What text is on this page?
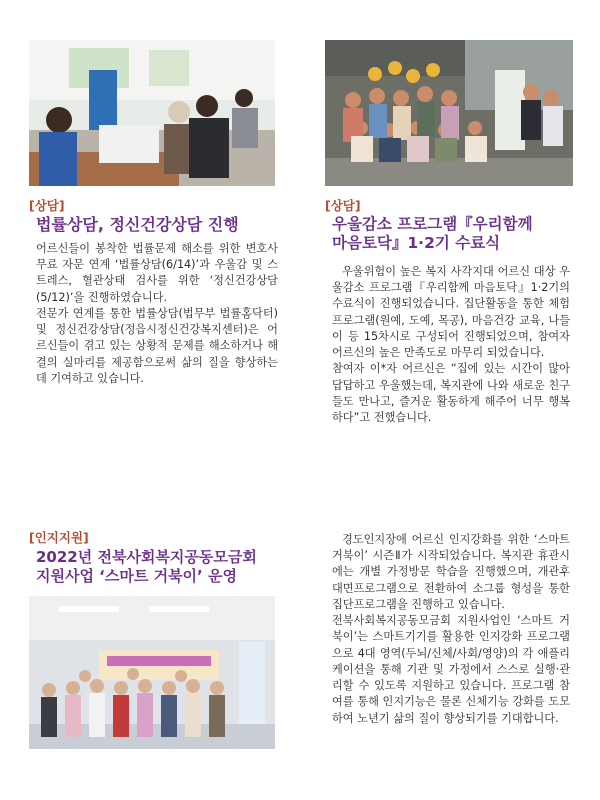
[상담]
법률상담, 정신건강상담 진행

어르신들이 봉착한 법률문제 해소를 위한 변호사 무료 자문 연계 ‘법률상담(6/14)’과 우울감 및 스트레스, 혈관상태 검사를 위한 ‘정신건강상담(5/12)’을 진행하였습니다.

전문가 연계를 통한 법률상담(법무부 법률홈닥터) 및 정신건강상담(정읍시정신건강복지센터)은 어르신들이 겪고 있는 상황적 문제를 해소하거나 해결의 실마리를 제공함으로써 삶의 질을 향상하는데 기여하고 있습니다.

[상담]
우울감소 프로그램『우리함께
마음토닥』1·2기 수료식

우울위험이 높은 복지 사각지대 어르신 대상 우울감소 프로그램『우리함께 마음토닥』1·2기의 수료식이 진행되었습니다. 집단활동을 통한 체험프로그램(원예, 도예, 목공), 마음건강 교육, 나들이 등 15차시로 구성되어 진행되었으며, 참여자 어르신의 높은 만족도로 마무리 되었습니다.

참여자 이*자 어르신은 “집에 있는 시간이 많아 답답하고 우울했는데, 복지관에 나와 새로운 친구들도 만나고, 즐거운 활동하게 해주어 너무 행복하다”고 전했습니다.

[인지지원]
2022년 전북사회복지공동모금회
지원사업 ‘스마트 거북이’ 운영

경도인지장애 어르신 인지강화를 위한 ‘스마트 거북이’ 시즌Ⅱ가 시작되었습니다. 복지관 휴관시에는 개별 가정방문 학습을 진행했으며, 개관후 대면프로그램으로 전환하여 소그룹 형성을 통한 집단프로그램을 진행하고 있습니다.

전북사회복지공동모금회 지원사업인 ‘스마트 거북이’는 스마트기기를 활용한 인지강화 프로그램으로 4대 영역(두뇌/신체/사회/영양)의 각 애플리케이션을 통해 기관 및 가정에서 스스로 실행·관리할 수 있도록 지원하고 있습니다. 프로그램 참여를 통해 인지기능은 물론 신체기능 강화를 도모하여 노년기 삶의 질이 향상되기를 기대합니다.
